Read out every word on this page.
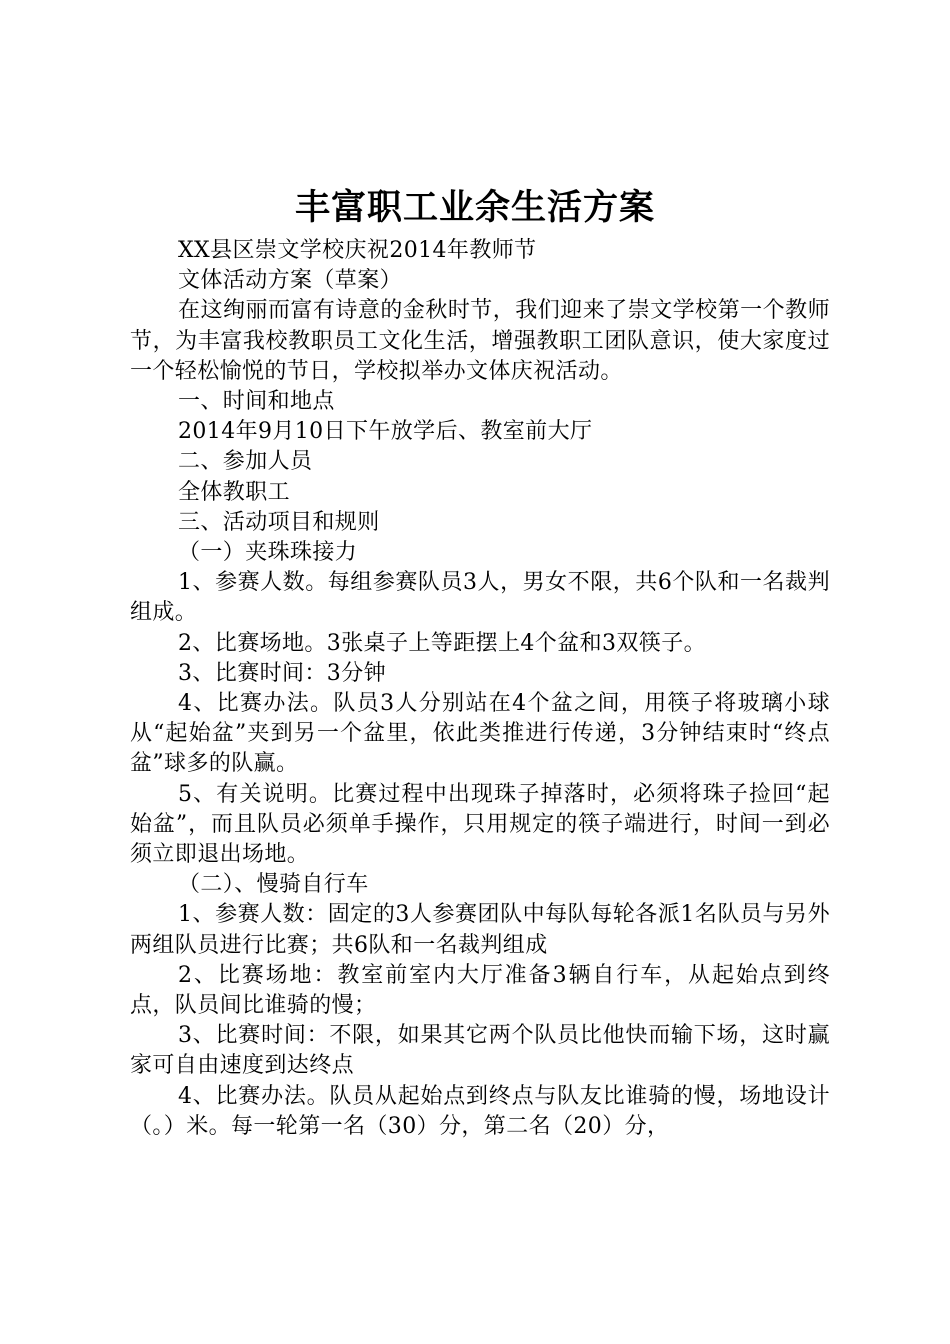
丰富职工业余生活方案

XX县区崇文学校庆祝2014年教师节

文体活动方案（草案）

在这绚丽而富有诗意的金秋时节，我们迎来了崇文学校第一个教师节，为丰富我校教职员工文化生活，增强教职工团队意识，使大家度过一个轻松愉悦的节日，学校拟举办文体庆祝活动。

一、时间和地点

2014年9月10日下午放学后、教室前大厅

二、参加人员

全体教职工

三、活动项目和规则

（一）夹珠珠接力

1、参赛人数。每组参赛队员3人，男女不限，共6个队和一名裁判组成。

2、比赛场地。3张桌子上等距摆上4个盆和3双筷子。

3、比赛时间：3分钟

4、比赛办法。队员3人分别站在4个盆之间，用筷子将玻璃小球从“起始盆”夹到另一个盆里，依此类推进行传递，3分钟结束时“终点盆”球多的队赢。

5、有关说明。比赛过程中出现珠子掉落时，必须将珠子捡回“起始盆”，而且队员必须单手操作，只用规定的筷子端进行，时间一到必须立即退出场地。

（二）、慢骑自行车

1、参赛人数：固定的3人参赛团队中每队每轮各派1名队员与另外两组队员进行比赛；共6队和一名裁判组成

2、比赛场地：教室前室内大厅准备3辆自行车，从起始点到终点，队员间比谁骑的慢；

3、比赛时间：不限，如果其它两个队员比他快而输下场，这时赢家可自由速度到达终点

4、比赛办法。队员从起始点到终点与队友比谁骑的慢，场地设计（。）米。每一轮第一名（30）分，第二名（20）分，
